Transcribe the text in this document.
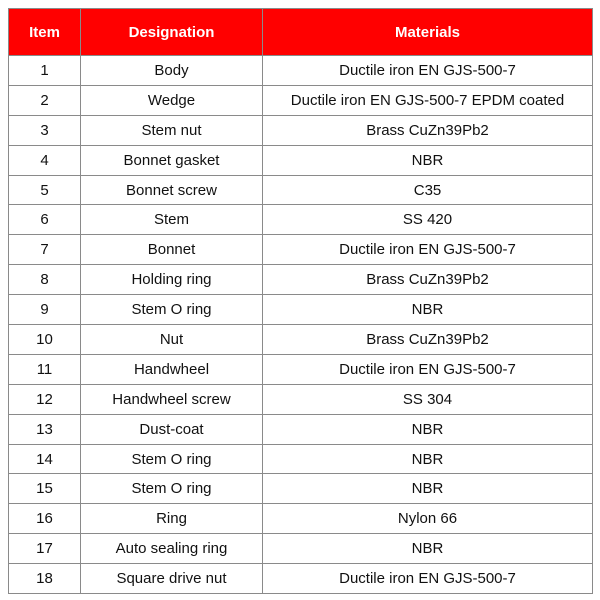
Item	Designation	Materials
1	Body	Ductile iron EN GJS-500-7
2	Wedge	Ductile iron EN GJS-500-7 EPDM coated
3	Stem nut	Brass CuZn39Pb2
4	Bonnet gasket	NBR
5	Bonnet screw	C35
6	Stem	SS 420
7	Bonnet	Ductile iron EN GJS-500-7
8	Holding ring	Brass CuZn39Pb2
9	Stem O ring	NBR
10	Nut	Brass CuZn39Pb2
11	Handwheel	Ductile iron EN GJS-500-7
12	Handwheel screw	SS 304
13	Dust-coat	NBR
14	Stem O ring	NBR
15	Stem O ring	NBR
16	Ring	Nylon 66
17	Auto sealing ring	NBR
18	Square drive nut	Ductile iron EN GJS-500-7
